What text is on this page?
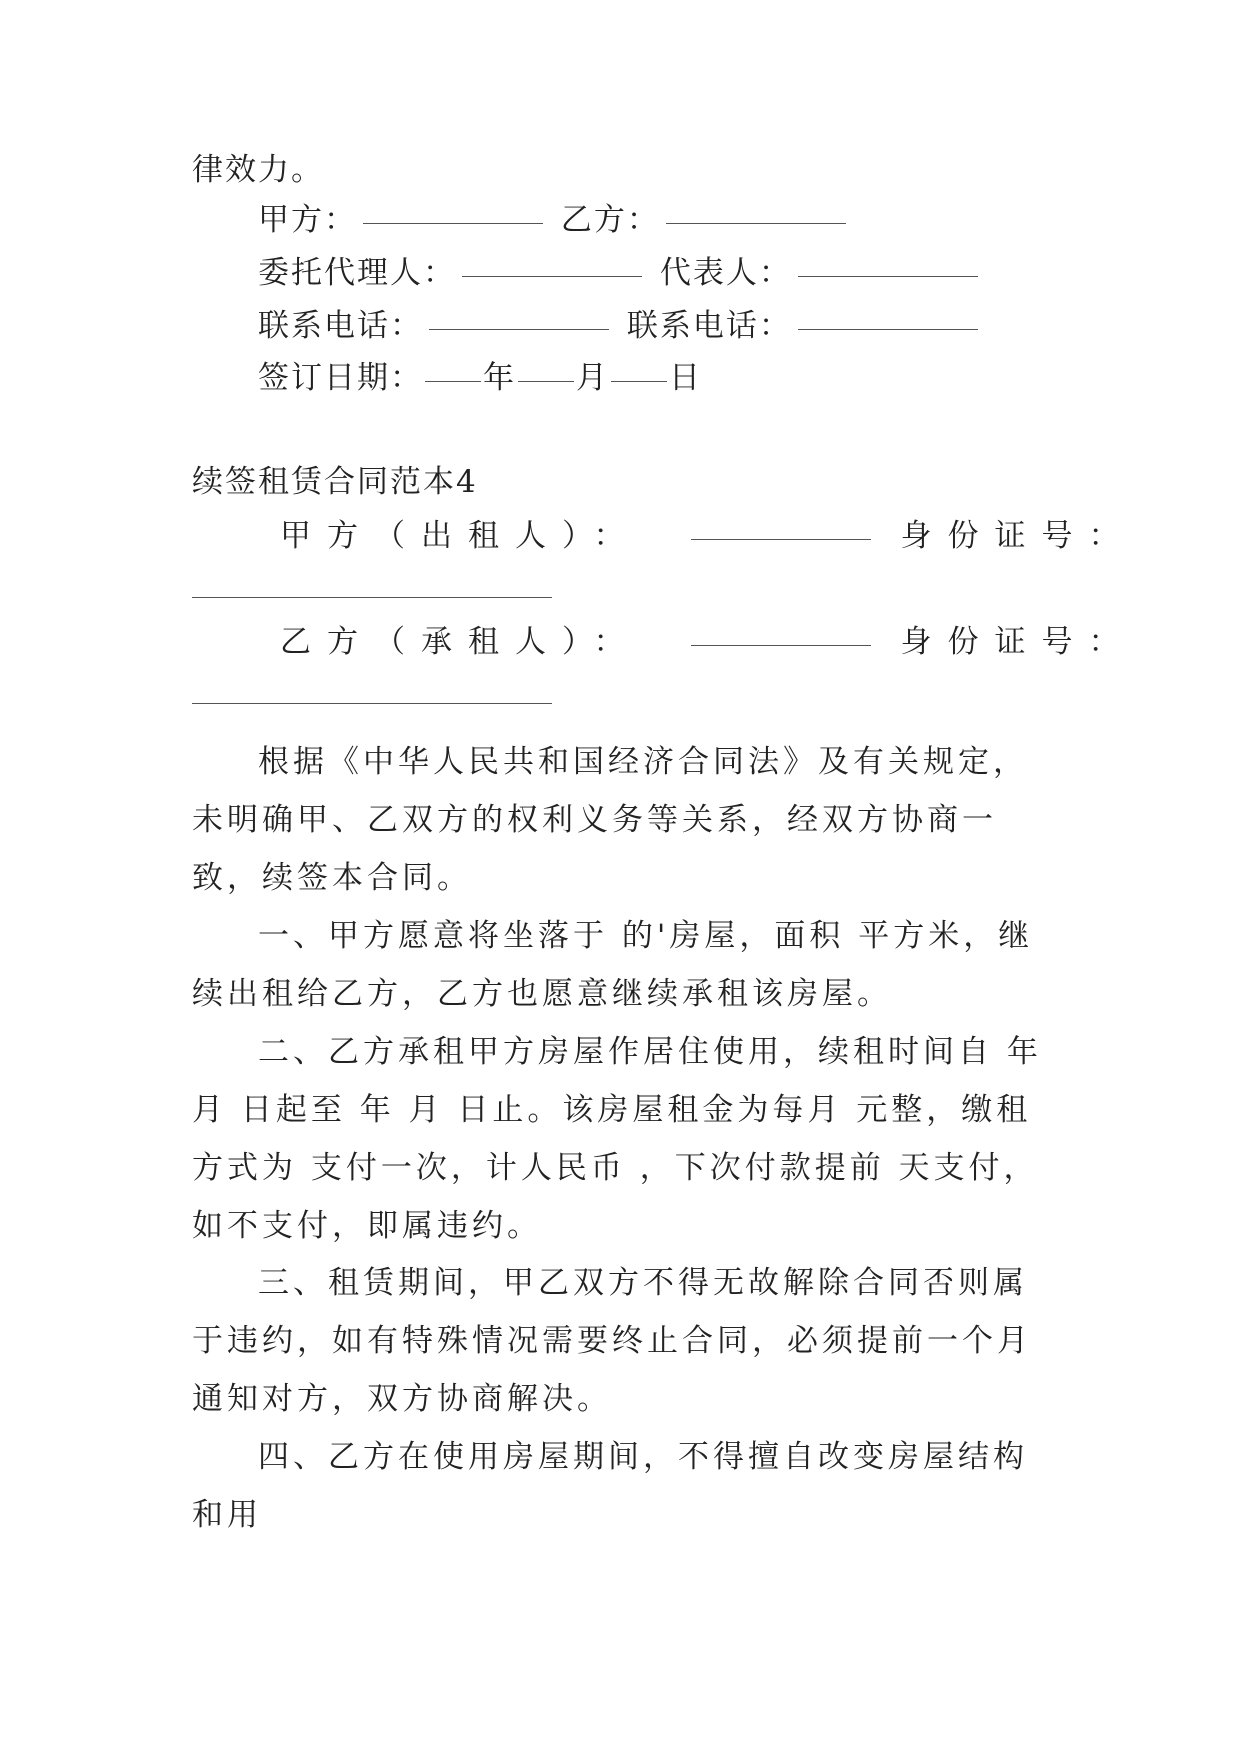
律效力。
甲方：	乙方：
委托代理人：	代表人：
联系电话：	联系电话：
签订日期： 年 月 日
续签租赁合同范本4
甲方（出租人）：	身份证号：
乙方（承租人）：	身份证号：
根据《中华人民共和国经济合同法》及有关规定，未明确甲、乙双方的权利义务等关系，经双方协商一致，续签本合同。
一、甲方愿意将坐落于 的'房屋，面积 平方米，继续出租给乙方，乙方也愿意继续承租该房屋。
二、乙方承租甲方房屋作居住使用，续租时间自 年 月 日起至 年 月 日止。该房屋租金为每月 元整，缴租方式为 支付一次，计人民币 ，下次付款提前 天支付，如不支付，即属违约。
三、租赁期间，甲乙双方不得无故解除合同否则属于违约，如有特殊情况需要终止合同，必须提前一个月通知对方，双方协商解决。
四、乙方在使用房屋期间，不得擅自改变房屋结构和用
